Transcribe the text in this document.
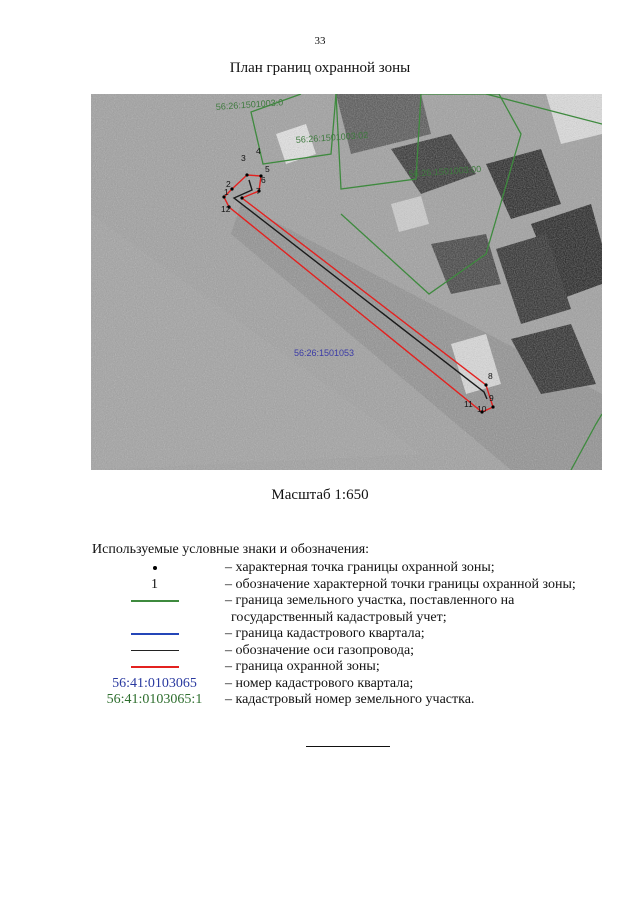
33
План границ охранной зоны
1
2
3
4
5
6
7
8
9
10
11
12
56:26:1501003:0
56:26:1501003:02
56:26:1501003:00
56:26:1501053
Масштаб 1:650
Используемые условные знаки и обозначения:
– характерная точка границы охранной зоны;
1	– обозначение характерной точки границы охранной зоны;
– граница земельного участка, поставленного на
государственный кадастровый учет;
– граница кадастрового квартала;
– обозначение оси газопровода;
– граница охранной зоны;
56:41:0103065	– номер кадастрового квартала;
56:41:0103065:1	– кадастровый номер земельного участка.
